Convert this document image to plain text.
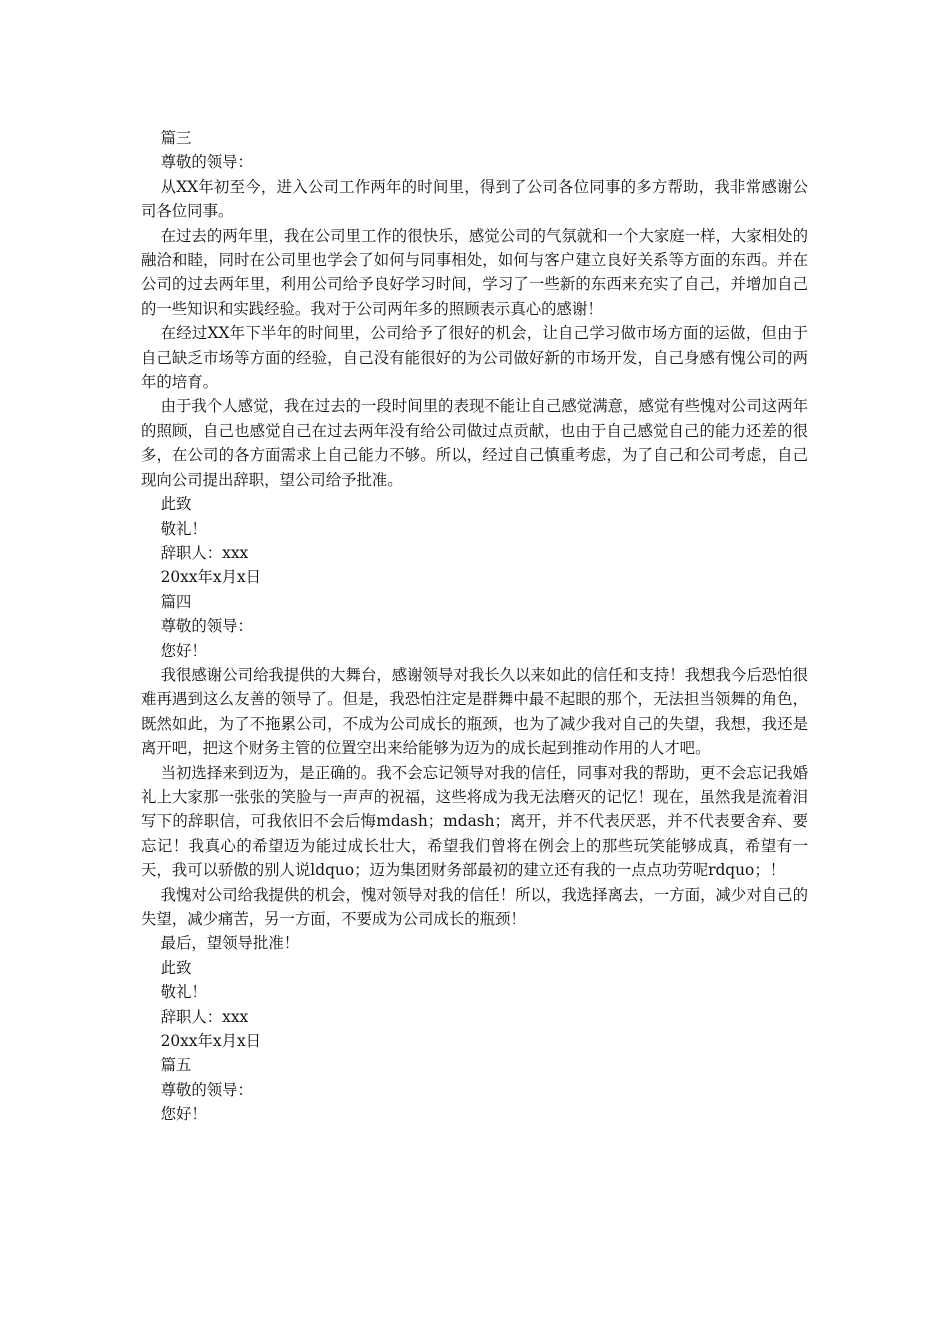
篇三

尊敬的领导：

从XX年初至今，进入公司工作两年的时间里，得到了公司各位同事的多方帮助，我非常感谢公司各位同事。

在过去的两年里，我在公司里工作的很快乐，感觉公司的气氛就和一个大家庭一样，大家相处的融洽和睦，同时在公司里也学会了如何与同事相处，如何与客户建立良好关系等方面的东西。并在公司的过去两年里，利用公司给予良好学习时间，学习了一些新的东西来充实了自己，并增加自己的一些知识和实践经验。我对于公司两年多的照顾表示真心的感谢！

在经过XX年下半年的时间里，公司给予了很好的机会，让自己学习做市场方面的运做，但由于自己缺乏市场等方面的经验，自己没有能很好的为公司做好新的市场开发，自己身感有愧公司的两年的培育。

由于我个人感觉，我在过去的一段时间里的表现不能让自己感觉满意，感觉有些愧对公司这两年的照顾，自己也感觉自己在过去两年没有给公司做过点贡献，也由于自己感觉自己的能力还差的很多，在公司的各方面需求上自己能力不够。所以，经过自己慎重考虑，为了自己和公司考虑，自己现向公司提出辞职，望公司给予批准。

此致

敬礼！

辞职人：xxx

20xx年x月x日

篇四

尊敬的领导：

您好！

我很感谢公司给我提供的大舞台，感谢领导对我长久以来如此的信任和支持！我想我今后恐怕很难再遇到这么友善的领导了。但是，我恐怕注定是群舞中最不起眼的那个，无法担当领舞的角色，既然如此，为了不拖累公司，不成为公司成长的瓶颈，也为了减少我对自己的失望，我想，我还是离开吧，把这个财务主管的位置空出来给能够为迈为的成长起到推动作用的人才吧。

当初选择来到迈为，是正确的。我不会忘记领导对我的信任，同事对我的帮助，更不会忘记我婚礼上大家那一张张的笑脸与一声声的祝福，这些将成为我无法磨灭的记忆！现在，虽然我是流着泪写下的辞职信，可我依旧不会后悔mdash；mdash；离开，并不代表厌恶，并不代表要舍弃、要忘记！我真心的希望迈为能过成长壮大，希望我们曾将在例会上的那些玩笑能够成真，希望有一天，我可以骄傲的别人说ldquo；迈为集团财务部最初的建立还有我的一点点功劳呢rdquo；！

我愧对公司给我提供的机会，愧对领导对我的信任！所以，我选择离去，一方面，减少对自己的失望，减少痛苦，另一方面，不要成为公司成长的瓶颈！

最后，望领导批准！

此致

敬礼！

辞职人：xxx

20xx年x月x日

篇五

尊敬的领导：

您好！
